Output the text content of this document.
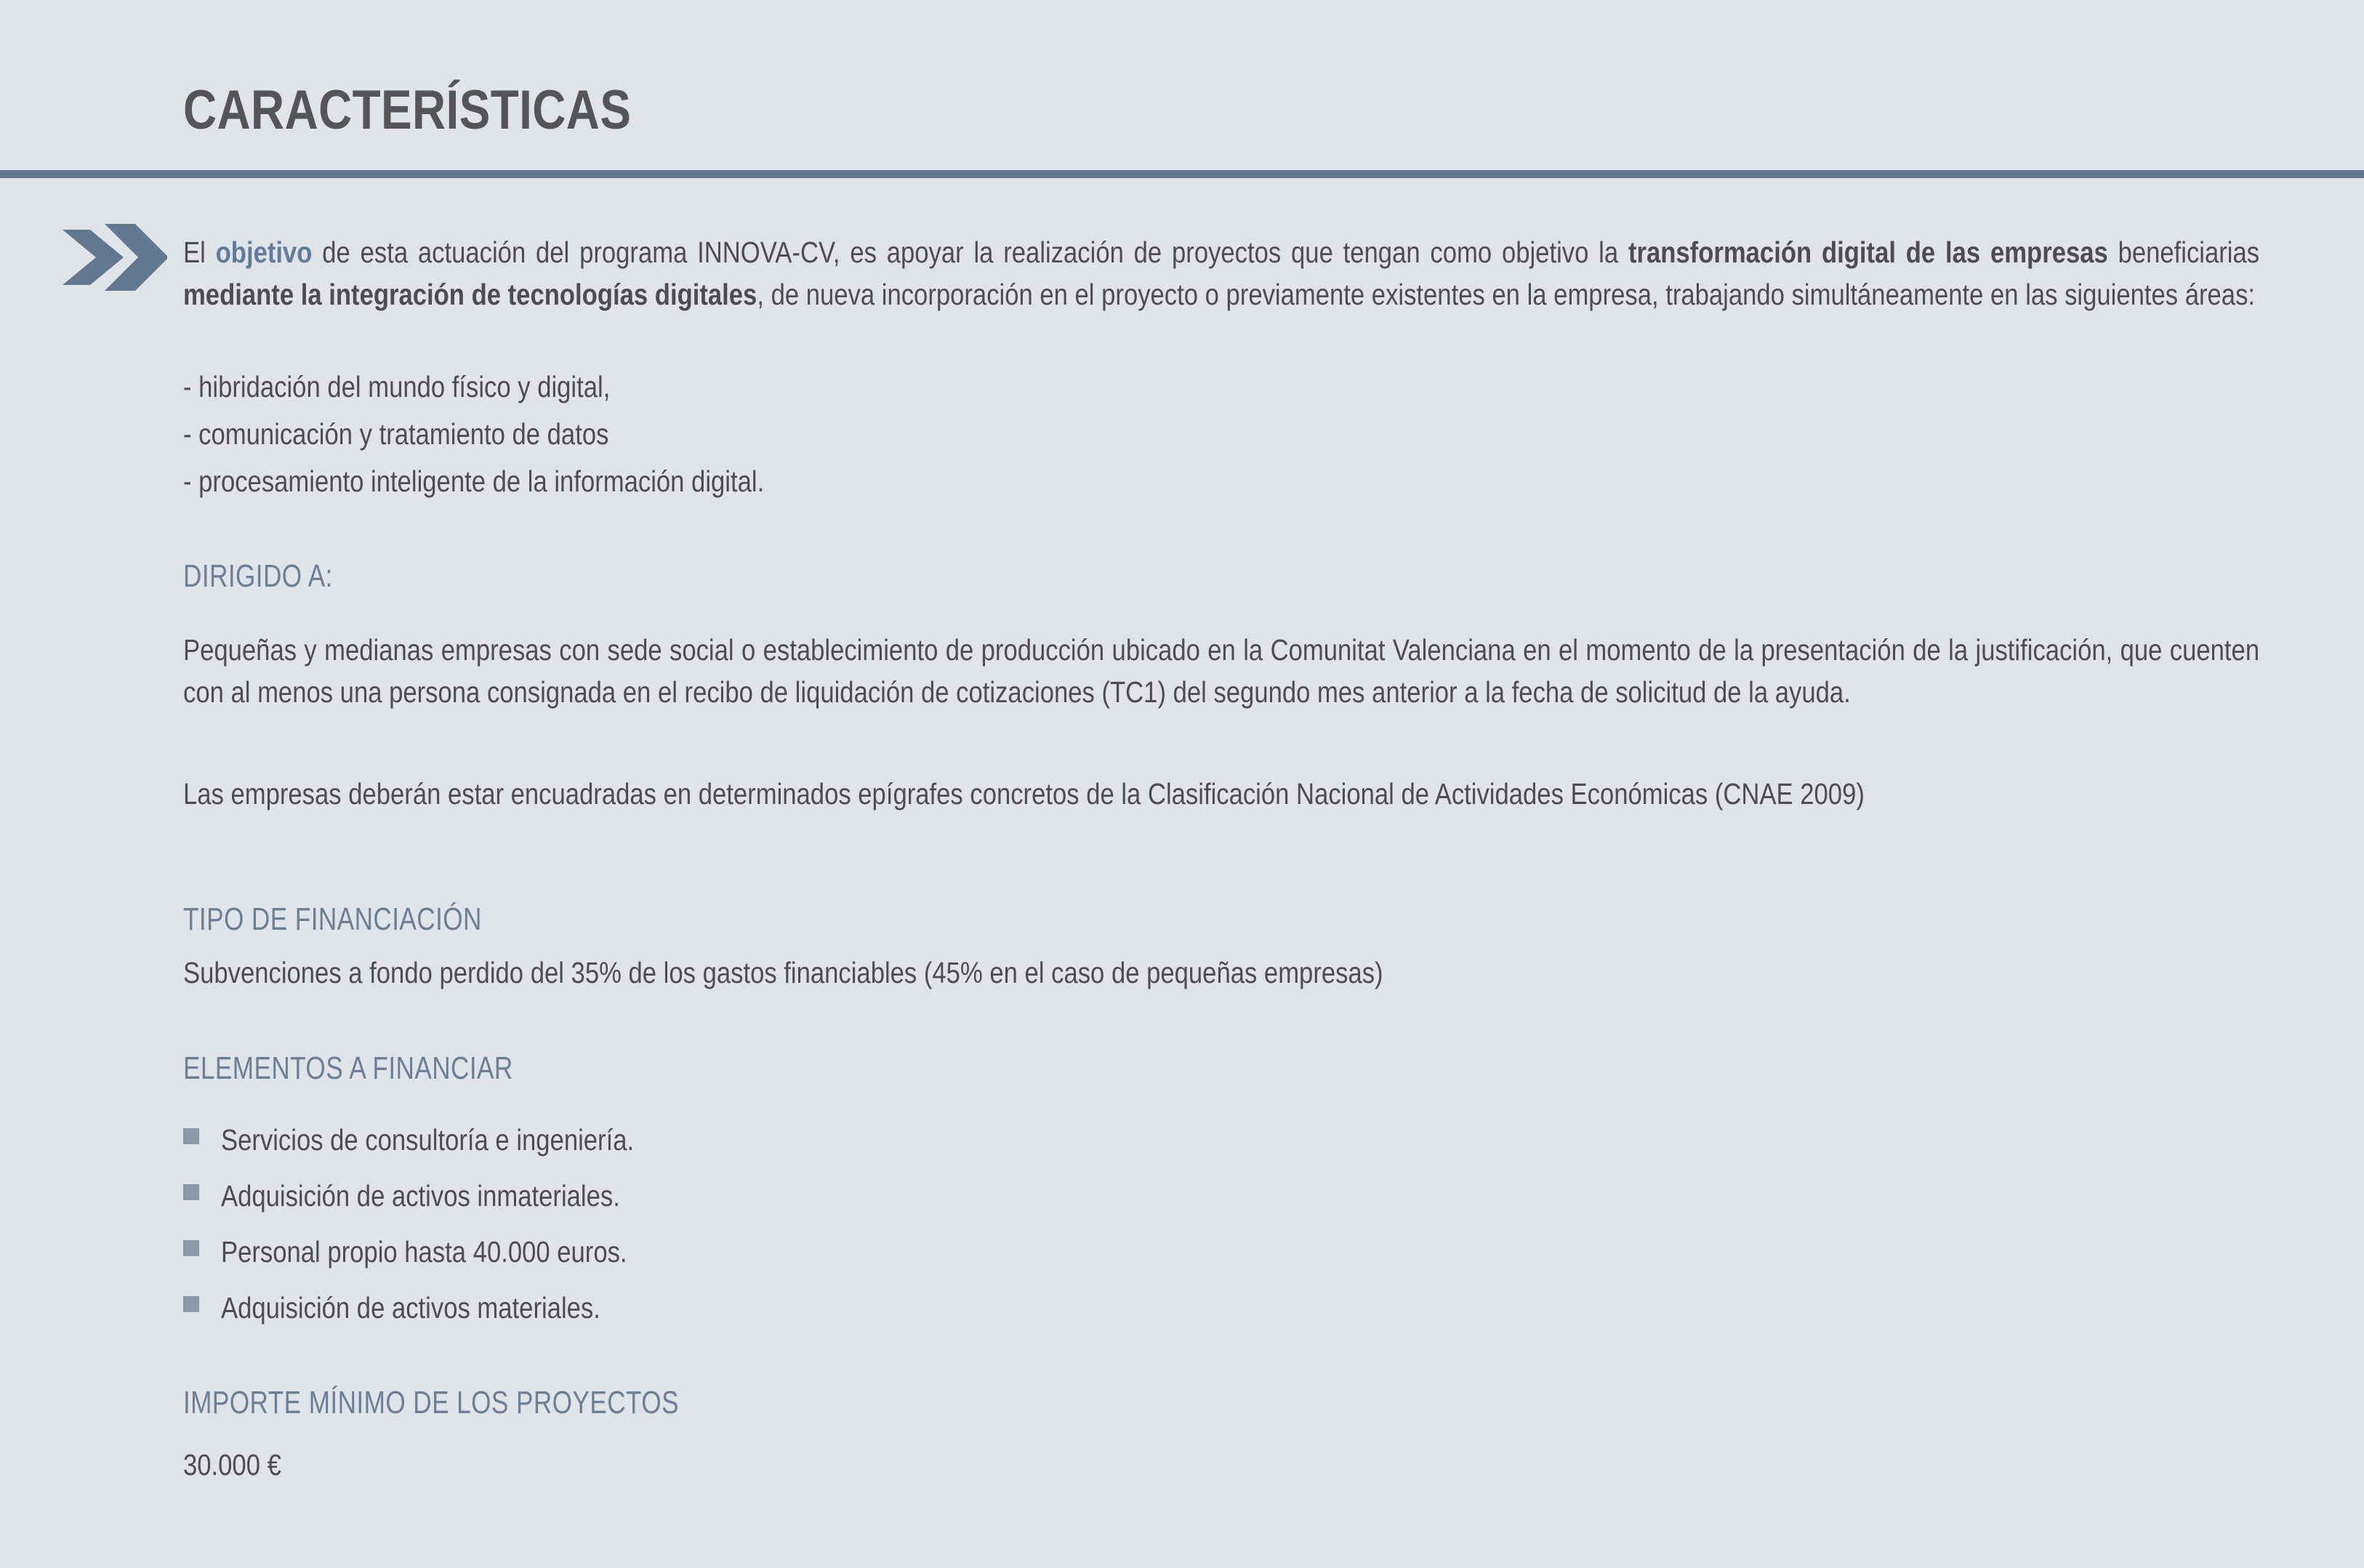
CARACTERÍSTICAS

El objetivo de esta actuación del programa INNOVA-CV, es apoyar la realización de proyectos que tengan como objetivo la transformación digital de las empresas beneficiarias mediante la integración de tecnologías digitales, de nueva incorporación en el proyecto o previamente existentes en la empresa, trabajando simultáneamente en las siguientes áreas:

- hibridación del mundo físico y digital,
- comunicación y tratamiento de datos
- procesamiento inteligente de la información digital.
DIRIGIDO A:

Pequeñas y medianas empresas con sede social o establecimiento de producción ubicado en la Comunitat Valenciana en el momento de la presentación de la justificación, que cuenten con al menos una persona consignada en el recibo de liquidación de cotizaciones (TC1) del segundo mes anterior a la fecha de solicitud de la ayuda.

Las empresas deberán estar encuadradas en determinados epígrafes concretos de la Clasificación Nacional de Actividades Económicas (CNAE 2009)

TIPO DE FINANCIACIÓN
Subvenciones a fondo perdido del 35% de los gastos financiables (45% en el caso de pequeñas empresas)
ELEMENTOS A FINANCIAR
Servicios de consultoría e ingeniería.
Adquisición de activos inmateriales.
Personal propio hasta 40.000 euros.
Adquisición de activos materiales.
IMPORTE MÍNIMO DE LOS PROYECTOS
30.000 €
